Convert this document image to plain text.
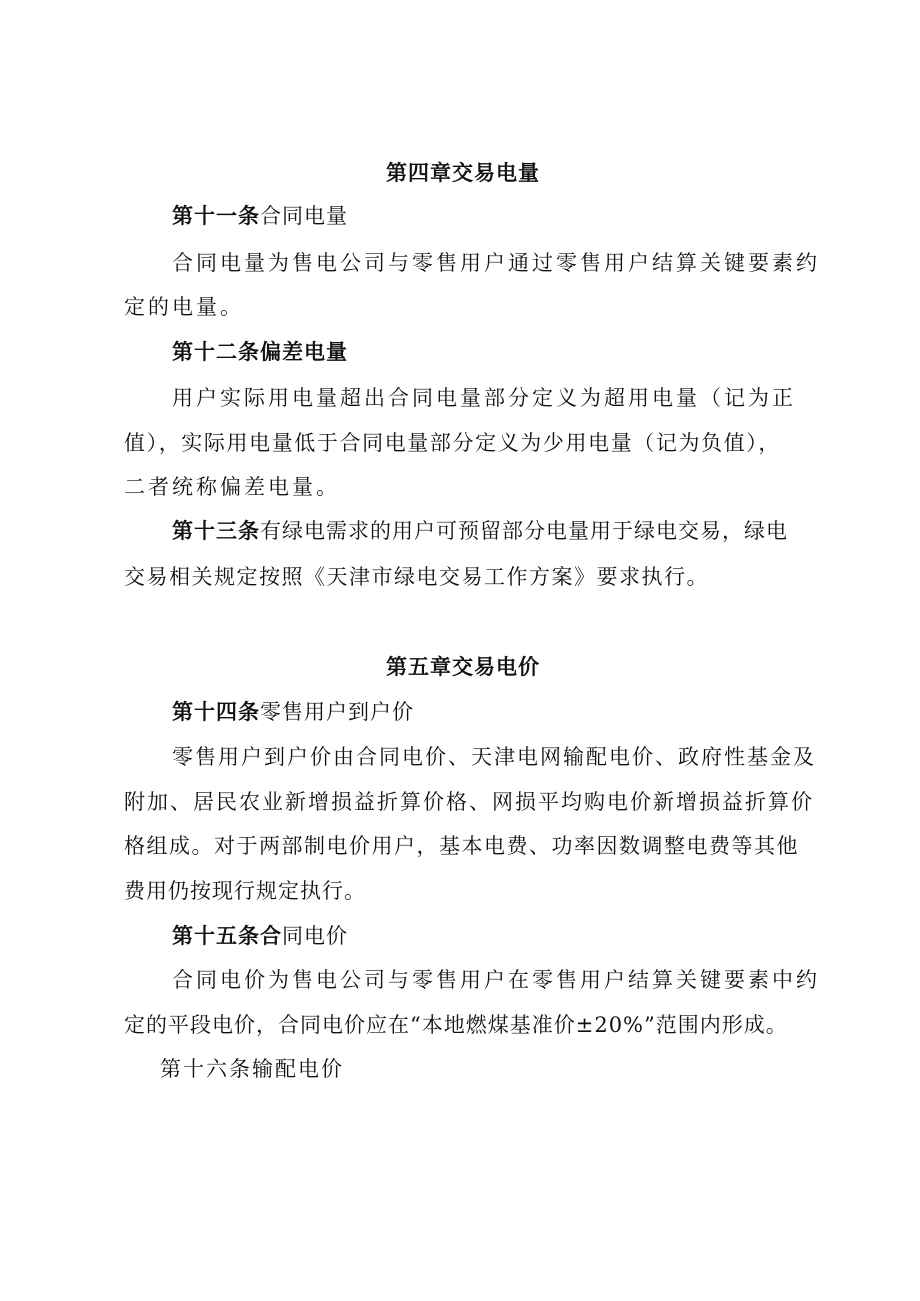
第四章交易电量
第十一条合同电量
合同电量为售电公司与零售用户通过零售用户结算关键要素约
定的电量。
第十二条偏差电量
用户实际用电量超出合同电量部分定义为超用电量（记为正
值），实际用电量低于合同电量部分定义为少用电量（记为负值），
二者统称偏差电量。
第十三条有绿电需求的用户可预留部分电量用于绿电交易，绿电
交易相关规定按照《天津市绿电交易工作方案》要求执行。
第五章交易电价
第十四条零售用户到户价
零售用户到户价由合同电价、天津电网输配电价、政府性基金及
附加、居民农业新增损益折算价格、网损平均购电价新增损益折算价
格组成。对于两部制电价用户，基本电费、功率因数调整电费等其他
费用仍按现行规定执行。
第十五条合同电价
合同电价为售电公司与零售用户在零售用户结算关键要素中约
定的平段电价，合同电价应在“本地燃煤基准价±20%”范围内形成。
第十六条输配电价
